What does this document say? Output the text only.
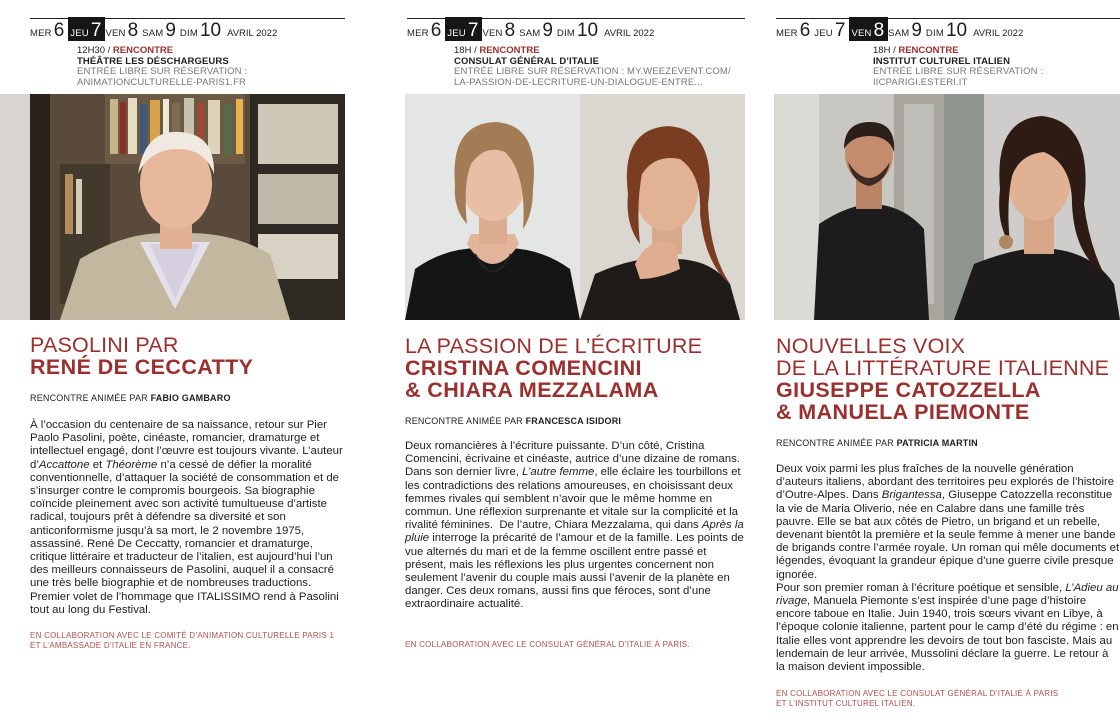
MER 6 JEU 7 VEN 8 SAM 9 DIM 10 AVRIL 2022
12H30 / RENCONTRE
THÉÂTRE LES DÉSCHARGEURS
ENTRÉE LIBRE SUR RÉSERVATION :
ANIMATIONCULTURELLE-PARIS1.FR
PASOLINI PAR
RENÉ DE CECCATTY
RENCONTRE ANIMÉE PAR FABIO GAMBARO

À l’occasion du centenaire de sa naissance, retour sur Pier Paolo Pasolini, poète, cinéaste, romancier, dramaturge et intellectuel engagé, dont l’œuvre est toujours vivante. L’auteur d’Accattone et Théorème n’a cessé de défier la moralité conventionnelle, d’attaquer la société de consommation et de s’insurger contre le compromis bourgeois. Sa biographie coïncide pleinement avec son activité tumultueuse d’artiste radical, toujours prêt à défendre sa diversité et son anticonformisme jusqu’à sa mort, le 2 novembre 1975, assassiné. René De Ceccatty, romancier et dramaturge, critique littéraire et traducteur de l’italien, est aujourd’hui l’un des meilleurs connaisseurs de Pasolini, auquel il a consacré une très belle biographie et de nombreuses traductions. Premier volet de l’hommage que ITALISSIMO rend à Pasolini tout au long du Festival.

EN COLLABORATION AVEC LE COMITÉ D’ANIMATION CULTURELLE PARIS 1
ET L’AMBASSADE D’ITALIE EN FRANCE.
MER 6 JEU 7 VEN 8 SAM 9 DIM 10 AVRIL 2022
18H / RENCONTRE
CONSULAT GÉNÉRAL D’ITALIE
ENTRÉE LIBRE SUR RÉSERVATION : MY.WEEZEVENT.COM/
LA-PASSION-DE-LECRITURE-UN-DIALOGUE-ENTRE...
LA PASSION DE L’ÉCRITURE
CRISTINA COMENCINI
& CHIARA MEZZALAMA
RENCONTRE ANIMÉE PAR FRANCESCA ISIDORI

Deux romancières à l’écriture puissante. D’un côté, Cristina Comencini, écrivaine et cinéaste, autrice d’une dizaine de romans. Dans son dernier livre, L’autre femme, elle éclaire les tourbillons et les contradictions des relations amoureuses, en choisissant deux femmes rivales qui semblent n’avoir que le même homme en commun. Une réflexion surprenante et vitale sur la complicité et la rivalité féminines.  De l’autre, Chiara Mezzalama, qui dans Après la pluie interroge la précarité de l’amour et de la famille. Les points de vue alternés du mari et de la femme oscillent entre passé et présent, mais les réflexions les plus urgentes concernent non seulement l’avenir du couple mais aussi l’avenir de la planète en danger. Ces deux romans, aussi fins que féroces, sont d’une extraordinaire actualité.

EN COLLABORATION AVEC LE CONSULAT GÉNÉRAL D’ITALIE À PARIS.
MER 6 JEU 7 VEN 8 SAM 9 DIM 10 AVRIL 2022
18H / RENCONTRE
INSTITUT CULTUREL ITALIEN
ENTRÉE LIBRE SUR RÉSERVATION :
IICPARIGI.ESTERI.IT
NOUVELLES VOIX
DE LA LITTÉRATURE ITALIENNE
GIUSEPPE CATOZZELLA
& MANUELA PIEMONTE
RENCONTRE ANIMÉE PAR PATRICIA MARTIN

Deux voix parmi les plus fraîches de la nouvelle génération d’auteurs italiens, abordant des territoires peu explorés de l’histoire d’Outre-Alpes. Dans Brigantessa, Giuseppe Catozzella reconstitue la vie de Maria Oliverio, née en Calabre dans une famille très pauvre. Elle se bat aux côtés de Pietro, un brigand et un rebelle, devenant bientôt la première et la seule femme à mener une bande de brigands contre l’armée royale. Un roman qui mêle documents et légendes, évoquant la grandeur épique d’une guerre civile presque ignorée.
Pour son premier roman à l’écriture poétique et sensible, L’Adieu au rivage, Manuela Piemonte s’est inspirée d’une page d’histoire encore taboue en Italie. Juin 1940, trois sœurs vivant en Libye, à l’époque colonie italienne, partent pour le camp d’été du régime : en Italie elles vont apprendre les devoirs de tout bon fasciste. Mais au lendemain de leur arrivée, Mussolini déclare la guerre. Le retour à la maison devient impossible.

EN COLLABORATION AVEC LE CONSULAT GÉNÉRAL D’ITALIE À PARIS
ET L’INSTITUT CULTUREL ITALIEN.
